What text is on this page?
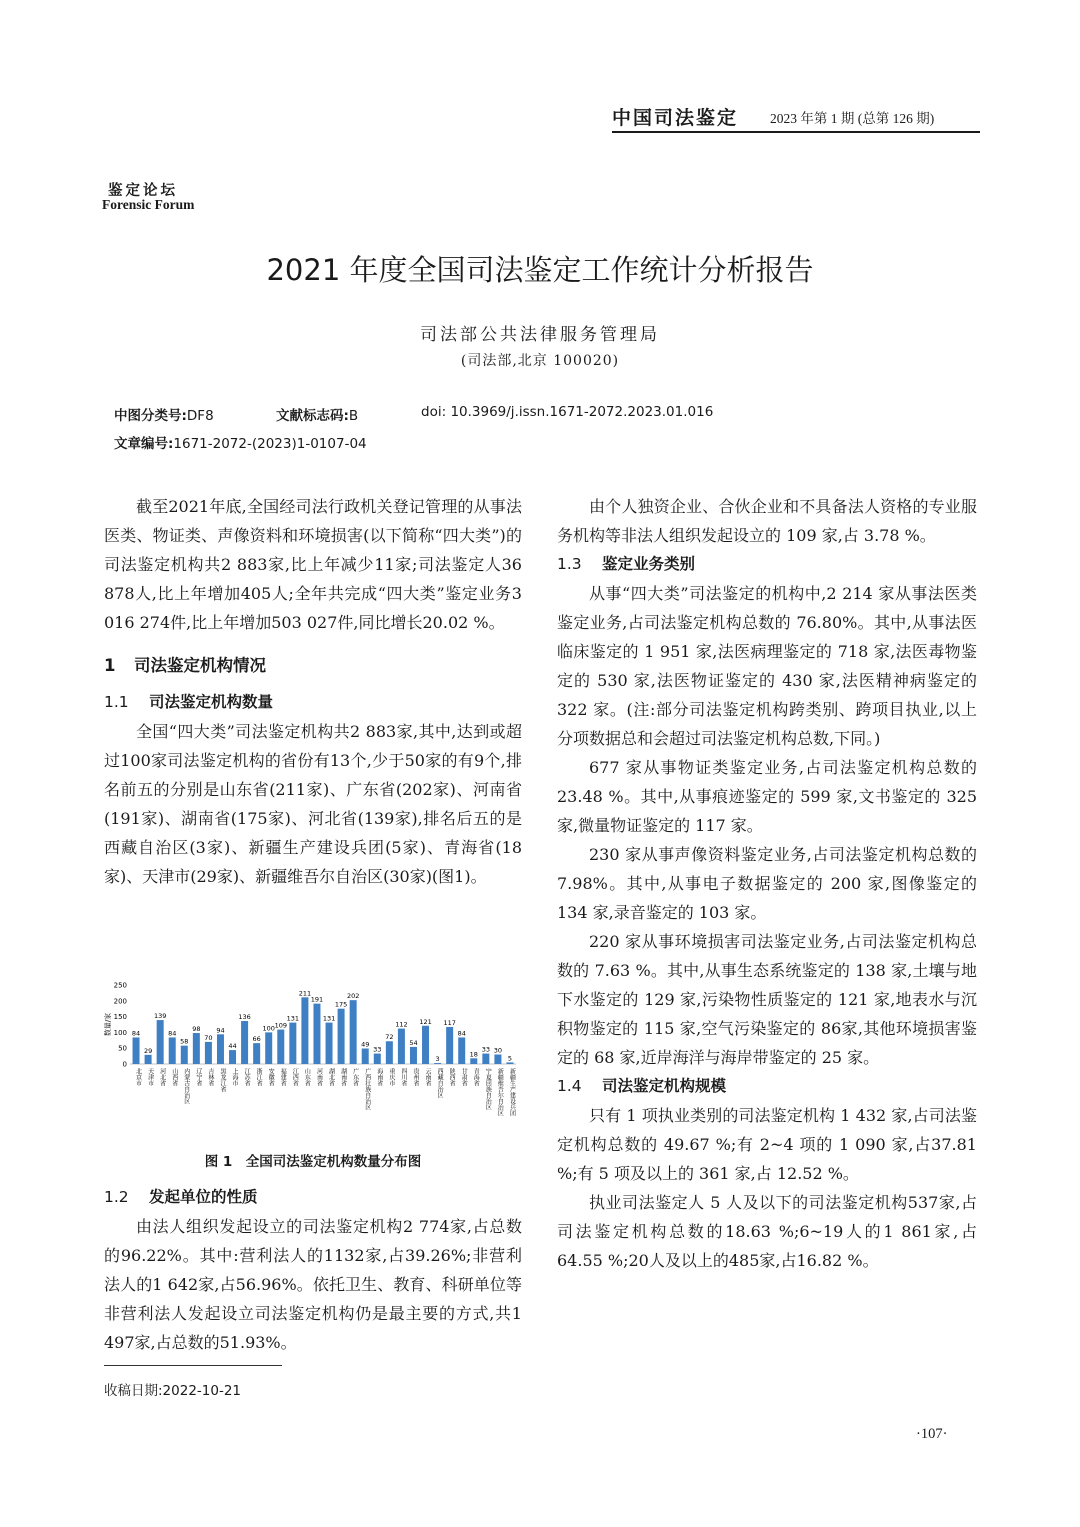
中国司法鉴定 2023 年第 1 期 (总第 126 期)
鉴定论坛
Forensic Forum
2021 年度全国司法鉴定工作统计分析报告
司法部公共法律服务管理局
(司法部,北京 100020)
中图分类号:DF8	文献标志码:B	doi: 10.3969/j.issn.1671-2072.2023.01.016
文章编号:1671-2072-(2023)1-0107-04

截至2021年底,全国经司法行政机关登记管理的从事法医类、物证类、声像资料和环境损害(以下简称“四大类”)的司法鉴定机构共2 883家,比上年减少11家;司法鉴定人36 878人,比上年增加405人;全年共完成“四大类”鉴定业务3 016 274件,比上年增加503 027件,同比增长20.02 %。

1 司法鉴定机构情况
1.1 司法鉴定机构数量

全国“四大类”司法鉴定机构共2 883家,其中,达到或超过100家司法鉴定机构的省份有13个,少于50家的有9个,排名前五的分别是山东省(211家)、广东省(202家)、河南省(191家)、湖南省(175家)、河北省(139家),排名后五的是西藏自治区(3家)、新疆生产建设兵团(5家)、青海省(18家)、天津市(29家)、新疆维吾尔自治区(30家)(图1)。

数量/家
0
50
100
150
200
250
84
29
139
84
58
98
70
94
44
136
66
100 109
131
211
191
131
175
202
49
33
72
112
54
121
3
117
84
18
33 30
5
北京市 天津市 河北省 山西省 内蒙古自治区 辽宁省 吉林省 黑龙江省 上海市 江苏省 浙江省 安徽省 福建省 江西省 山东省 河南省 湖北省 湖南省 广东省 广西壮族自治区 海南省 重庆市 四川省 贵州省 云南省 西藏自治区 陕西省 甘肃省 青海省 宁夏回族自治区 新疆维吾尔自治区 新疆生产建设兵团
图 1　全国司法鉴定机构数量分布图
1.2 发起单位的性质

由法人组织发起设立的司法鉴定机构2 774家,占总数的96.22%。其中:营利法人的1132家,占39.26%;非营利法人的1 642家,占56.96%。依托卫生、教育、科研单位等非营利法人发起设立司法鉴定机构仍是最主要的方式,共1 497家,占总数的51.93%。

收稿日期:2022-10-21

由个人独资企业、合伙企业和不具备法人资格的专业服务机构等非法人组织发起设立的 109 家,占 3.78 %。

1.3 鉴定业务类别

从事“四大类”司法鉴定的机构中,2 214 家从事法医类鉴定业务,占司法鉴定机构总数的 76.80%。其中,从事法医临床鉴定的 1 951 家,法医病理鉴定的 718 家,法医毒物鉴定的 530 家,法医物证鉴定的 430 家,法医精神病鉴定的 322 家。(注:部分司法鉴定机构跨类别、跨项目执业,以上分项数据总和会超过司法鉴定机构总数,下同。)

677 家从事物证类鉴定业务,占司法鉴定机构总数的 23.48 %。其中,从事痕迹鉴定的 599 家,文书鉴定的 325 家,微量物证鉴定的 117 家。

230 家从事声像资料鉴定业务,占司法鉴定机构总数的 7.98%。其中,从事电子数据鉴定的 200 家,图像鉴定的 134 家,录音鉴定的 103 家。

220 家从事环境损害司法鉴定业务,占司法鉴定机构总数的 7.63 %。其中,从事生态系统鉴定的 138 家,土壤与地下水鉴定的 129 家,污染物性质鉴定的 121 家,地表水与沉积物鉴定的 115 家,空气污染鉴定的 86家,其他环境损害鉴定的 68 家,近岸海洋与海岸带鉴定的 25 家。

1.4 司法鉴定机构规模

只有 1 项执业类别的司法鉴定机构 1 432 家,占司法鉴定机构总数的 49.67 %;有 2~4 项的 1 090 家,占37.81 %;有 5 项及以上的 361 家,占 12.52 %。

执业司法鉴定人 5 人及以下的司法鉴定机构537家,占司法鉴定机构总数的18.63 %;6~19人的1 861家,占64.55 %;20人及以上的485家,占16.82 %。

·107·
